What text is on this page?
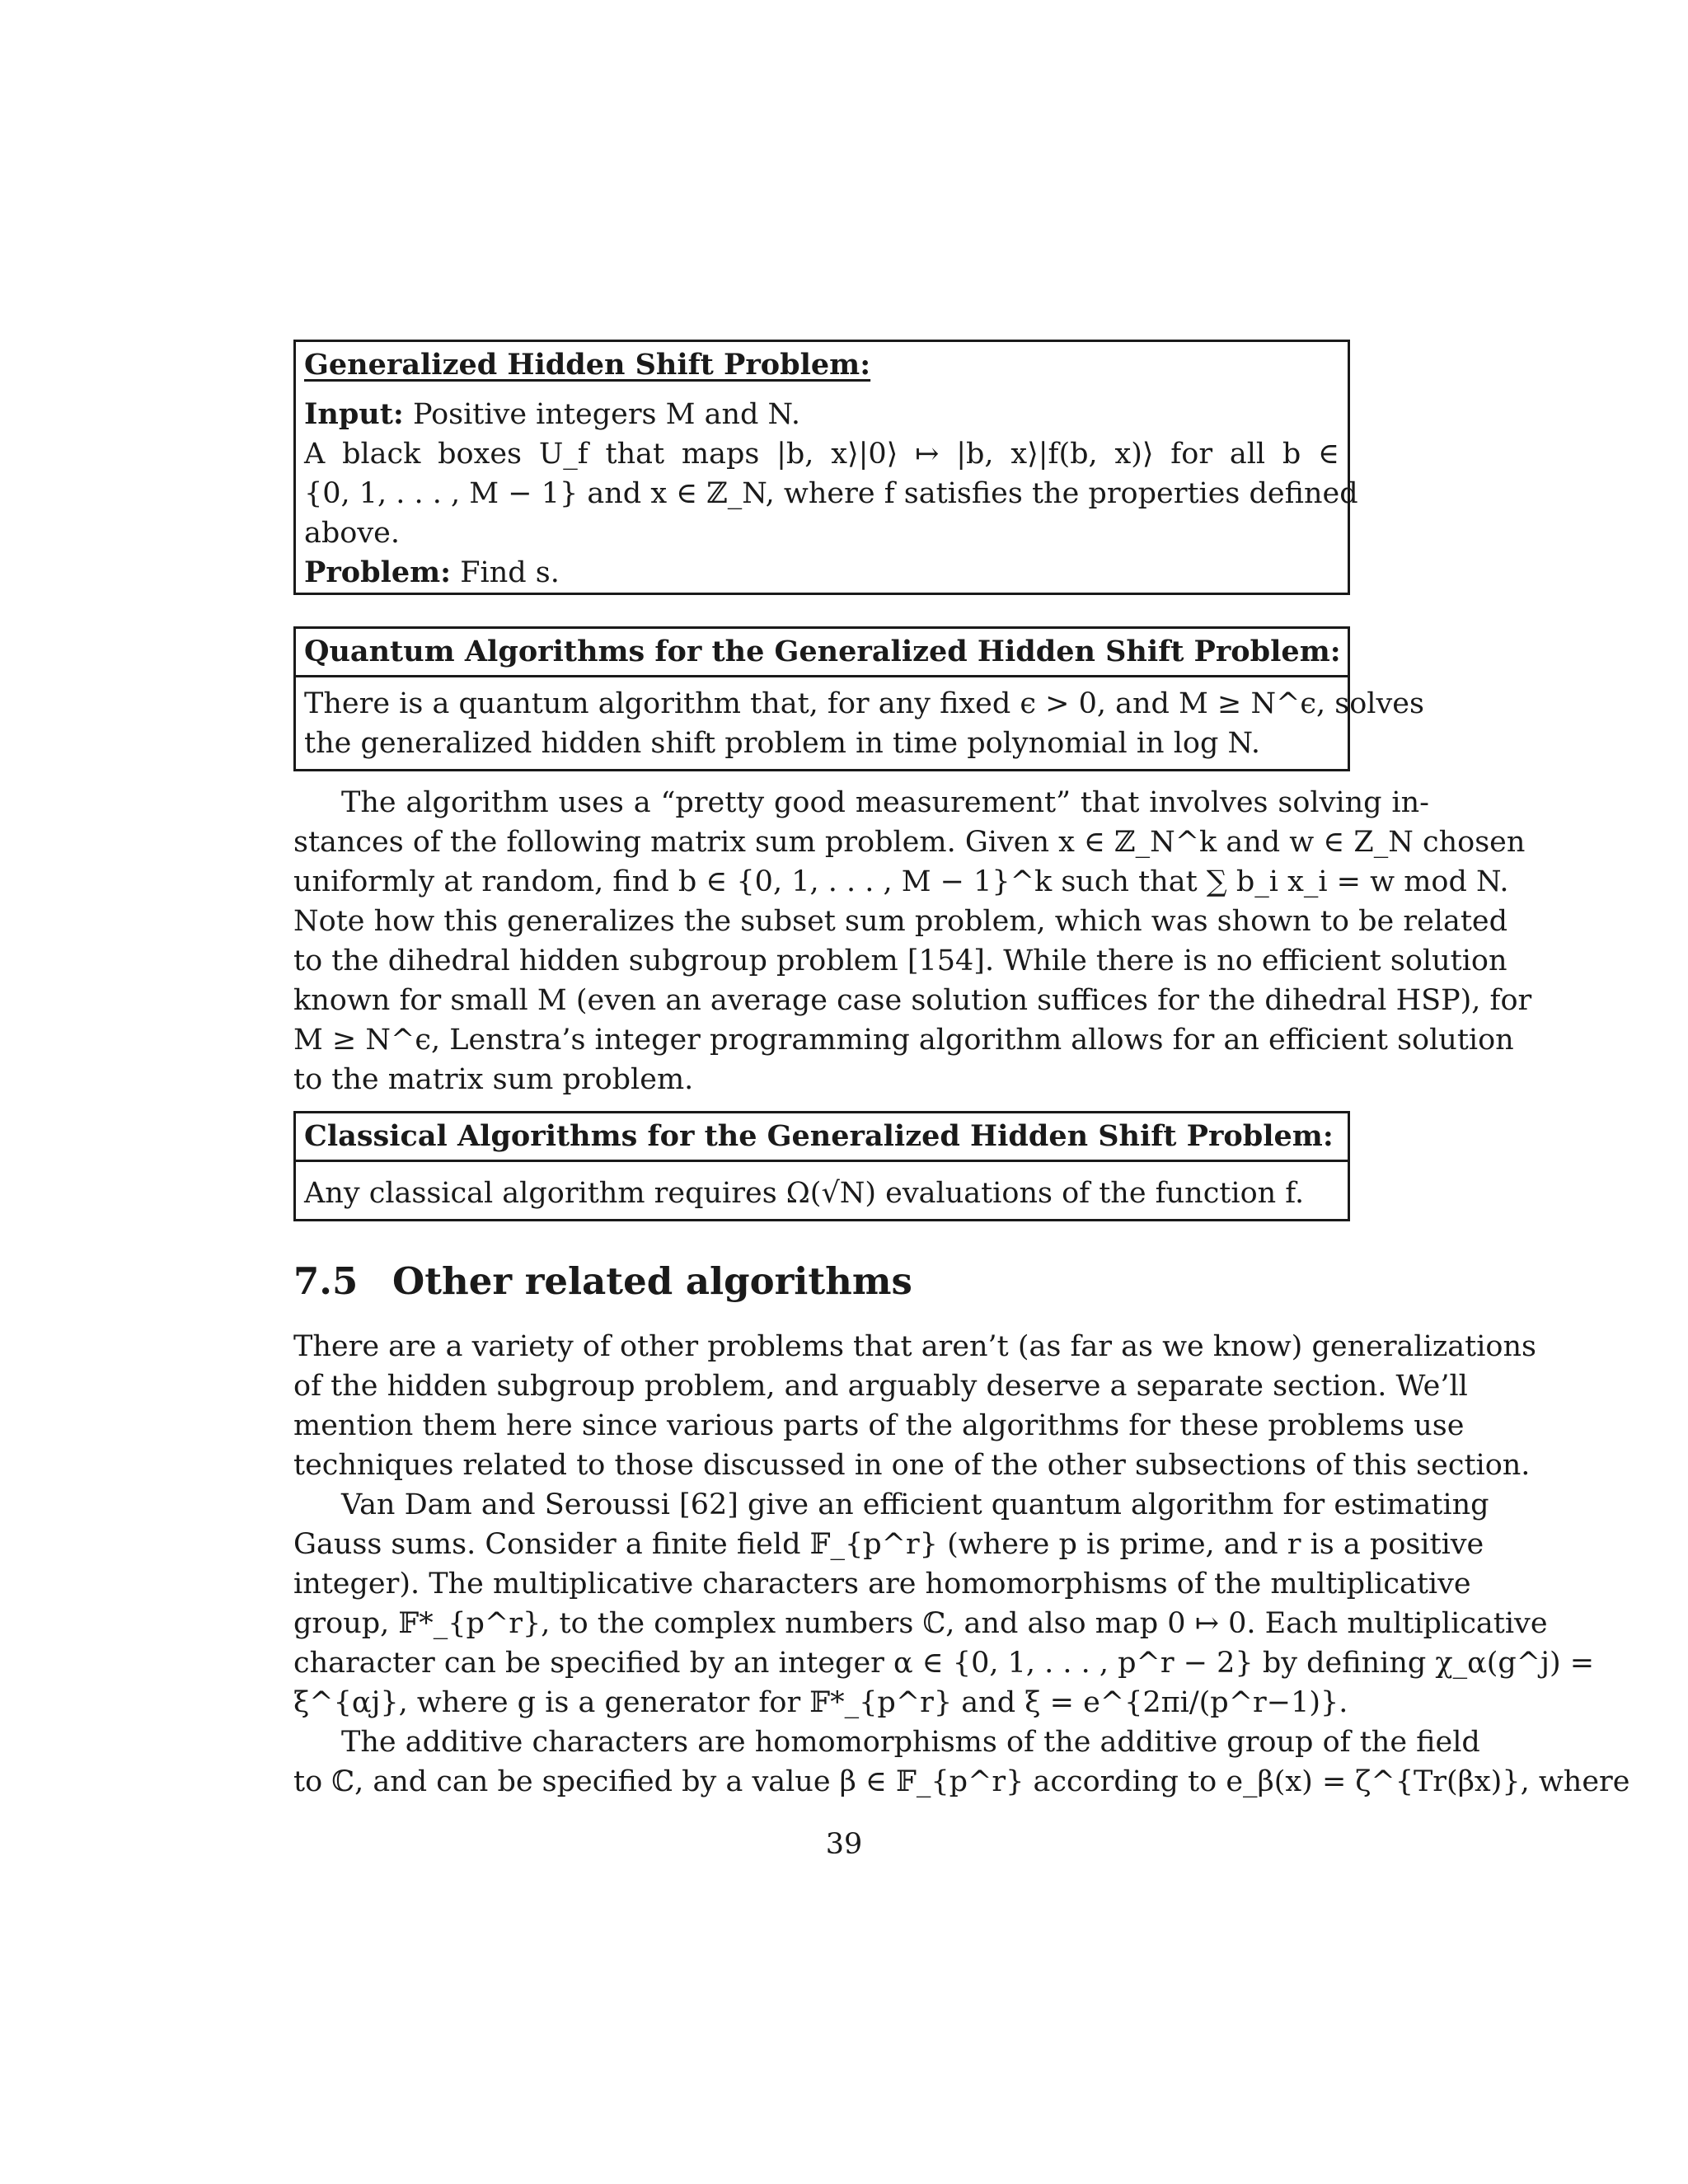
Generalized Hidden Shift Problem:
Input: Positive integers M and N.
A black boxes U_f that maps |b, x⟩|0⟩ ↦ |b, x⟩|f(b, x)⟩ for all b ∈
{0, 1, . . . , M − 1} and x ∈ ℤ_N, where f satisfies the properties defined
above.
Problem: Find s.
Quantum Algorithms for the Generalized Hidden Shift Problem:
There is a quantum algorithm that, for any fixed ϵ > 0, and M ≥ N^ϵ, solves
the generalized hidden shift problem in time polynomial in log N.
The algorithm uses a “pretty good measurement” that involves solving in-
stances of the following matrix sum problem. Given x ∈ ℤ_N^k and w ∈ Z_N chosen
uniformly at random, find b ∈ {0, 1, . . . , M − 1}^k such that ∑ b_i x_i = w mod N.
Note how this generalizes the subset sum problem, which was shown to be related
to the dihedral hidden subgroup problem [154]. While there is no efficient solution
known for small M (even an average case solution suffices for the dihedral HSP), for
M ≥ N^ϵ, Lenstra’s integer programming algorithm allows for an efficient solution
to the matrix sum problem.
Classical Algorithms for the Generalized Hidden Shift Problem:
Any classical algorithm requires Ω(√N) evaluations of the function f.
7.5 Other related algorithms
There are a variety of other problems that aren’t (as far as we know) generalizations
of the hidden subgroup problem, and arguably deserve a separate section. We’ll
mention them here since various parts of the algorithms for these problems use
techniques related to those discussed in one of the other subsections of this section.
Van Dam and Seroussi [62] give an efficient quantum algorithm for estimating
Gauss sums. Consider a finite field 𝔽_{p^r} (where p is prime, and r is a positive
integer). The multiplicative characters are homomorphisms of the multiplicative
group, 𝔽*_{p^r}, to the complex numbers ℂ, and also map 0 ↦ 0. Each multiplicative
character can be specified by an integer α ∈ {0, 1, . . . , p^r − 2} by defining χ_α(g^j) =
ξ^{αj}, where g is a generator for 𝔽*_{p^r} and ξ = e^{2πi/(p^r−1)}.
The additive characters are homomorphisms of the additive group of the field
to ℂ, and can be specified by a value β ∈ 𝔽_{p^r} according to e_β(x) = ζ^{Tr(βx)}, where
39
